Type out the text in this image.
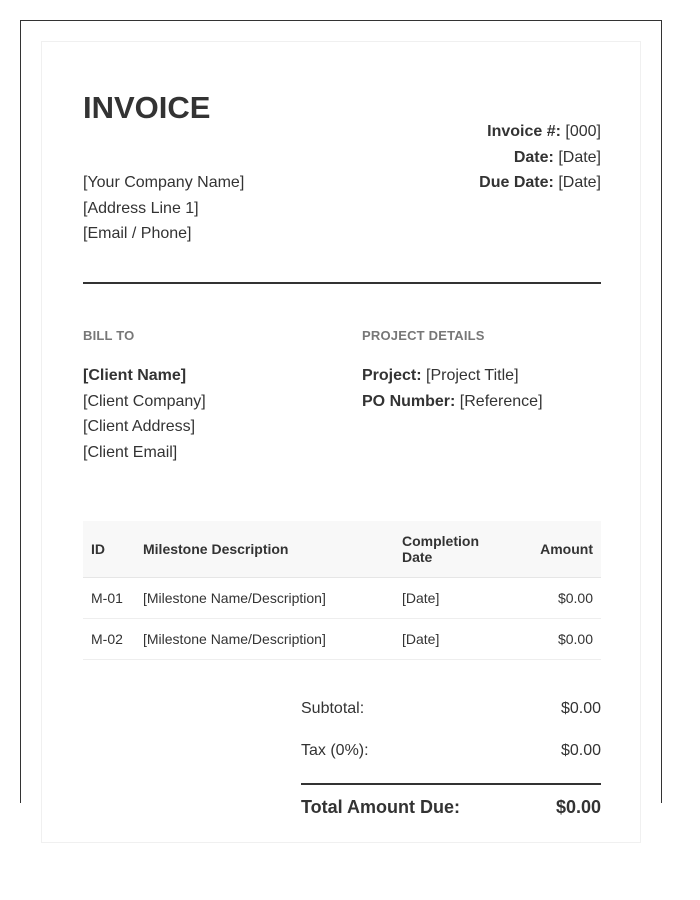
INVOICE
[Your Company Name]
[Address Line 1]
[Email / Phone]
Invoice #: [000]
Date: [Date]
Due Date: [Date]
BILL TO	PROJECT DETAILS
[Client Name]
[Client Company]
[Client Address]
[Client Email]
Project: [Project Title]
PO Number: [Reference]
ID	Milestone Description	Completion Date	Amount
M-01	[Milestone Name/Description]	[Date]	$0.00
M-02	[Milestone Name/Description]	[Date]	$0.00
Subtotal:	$0.00
Tax (0%):	$0.00
Total Amount Due:	$0.00
